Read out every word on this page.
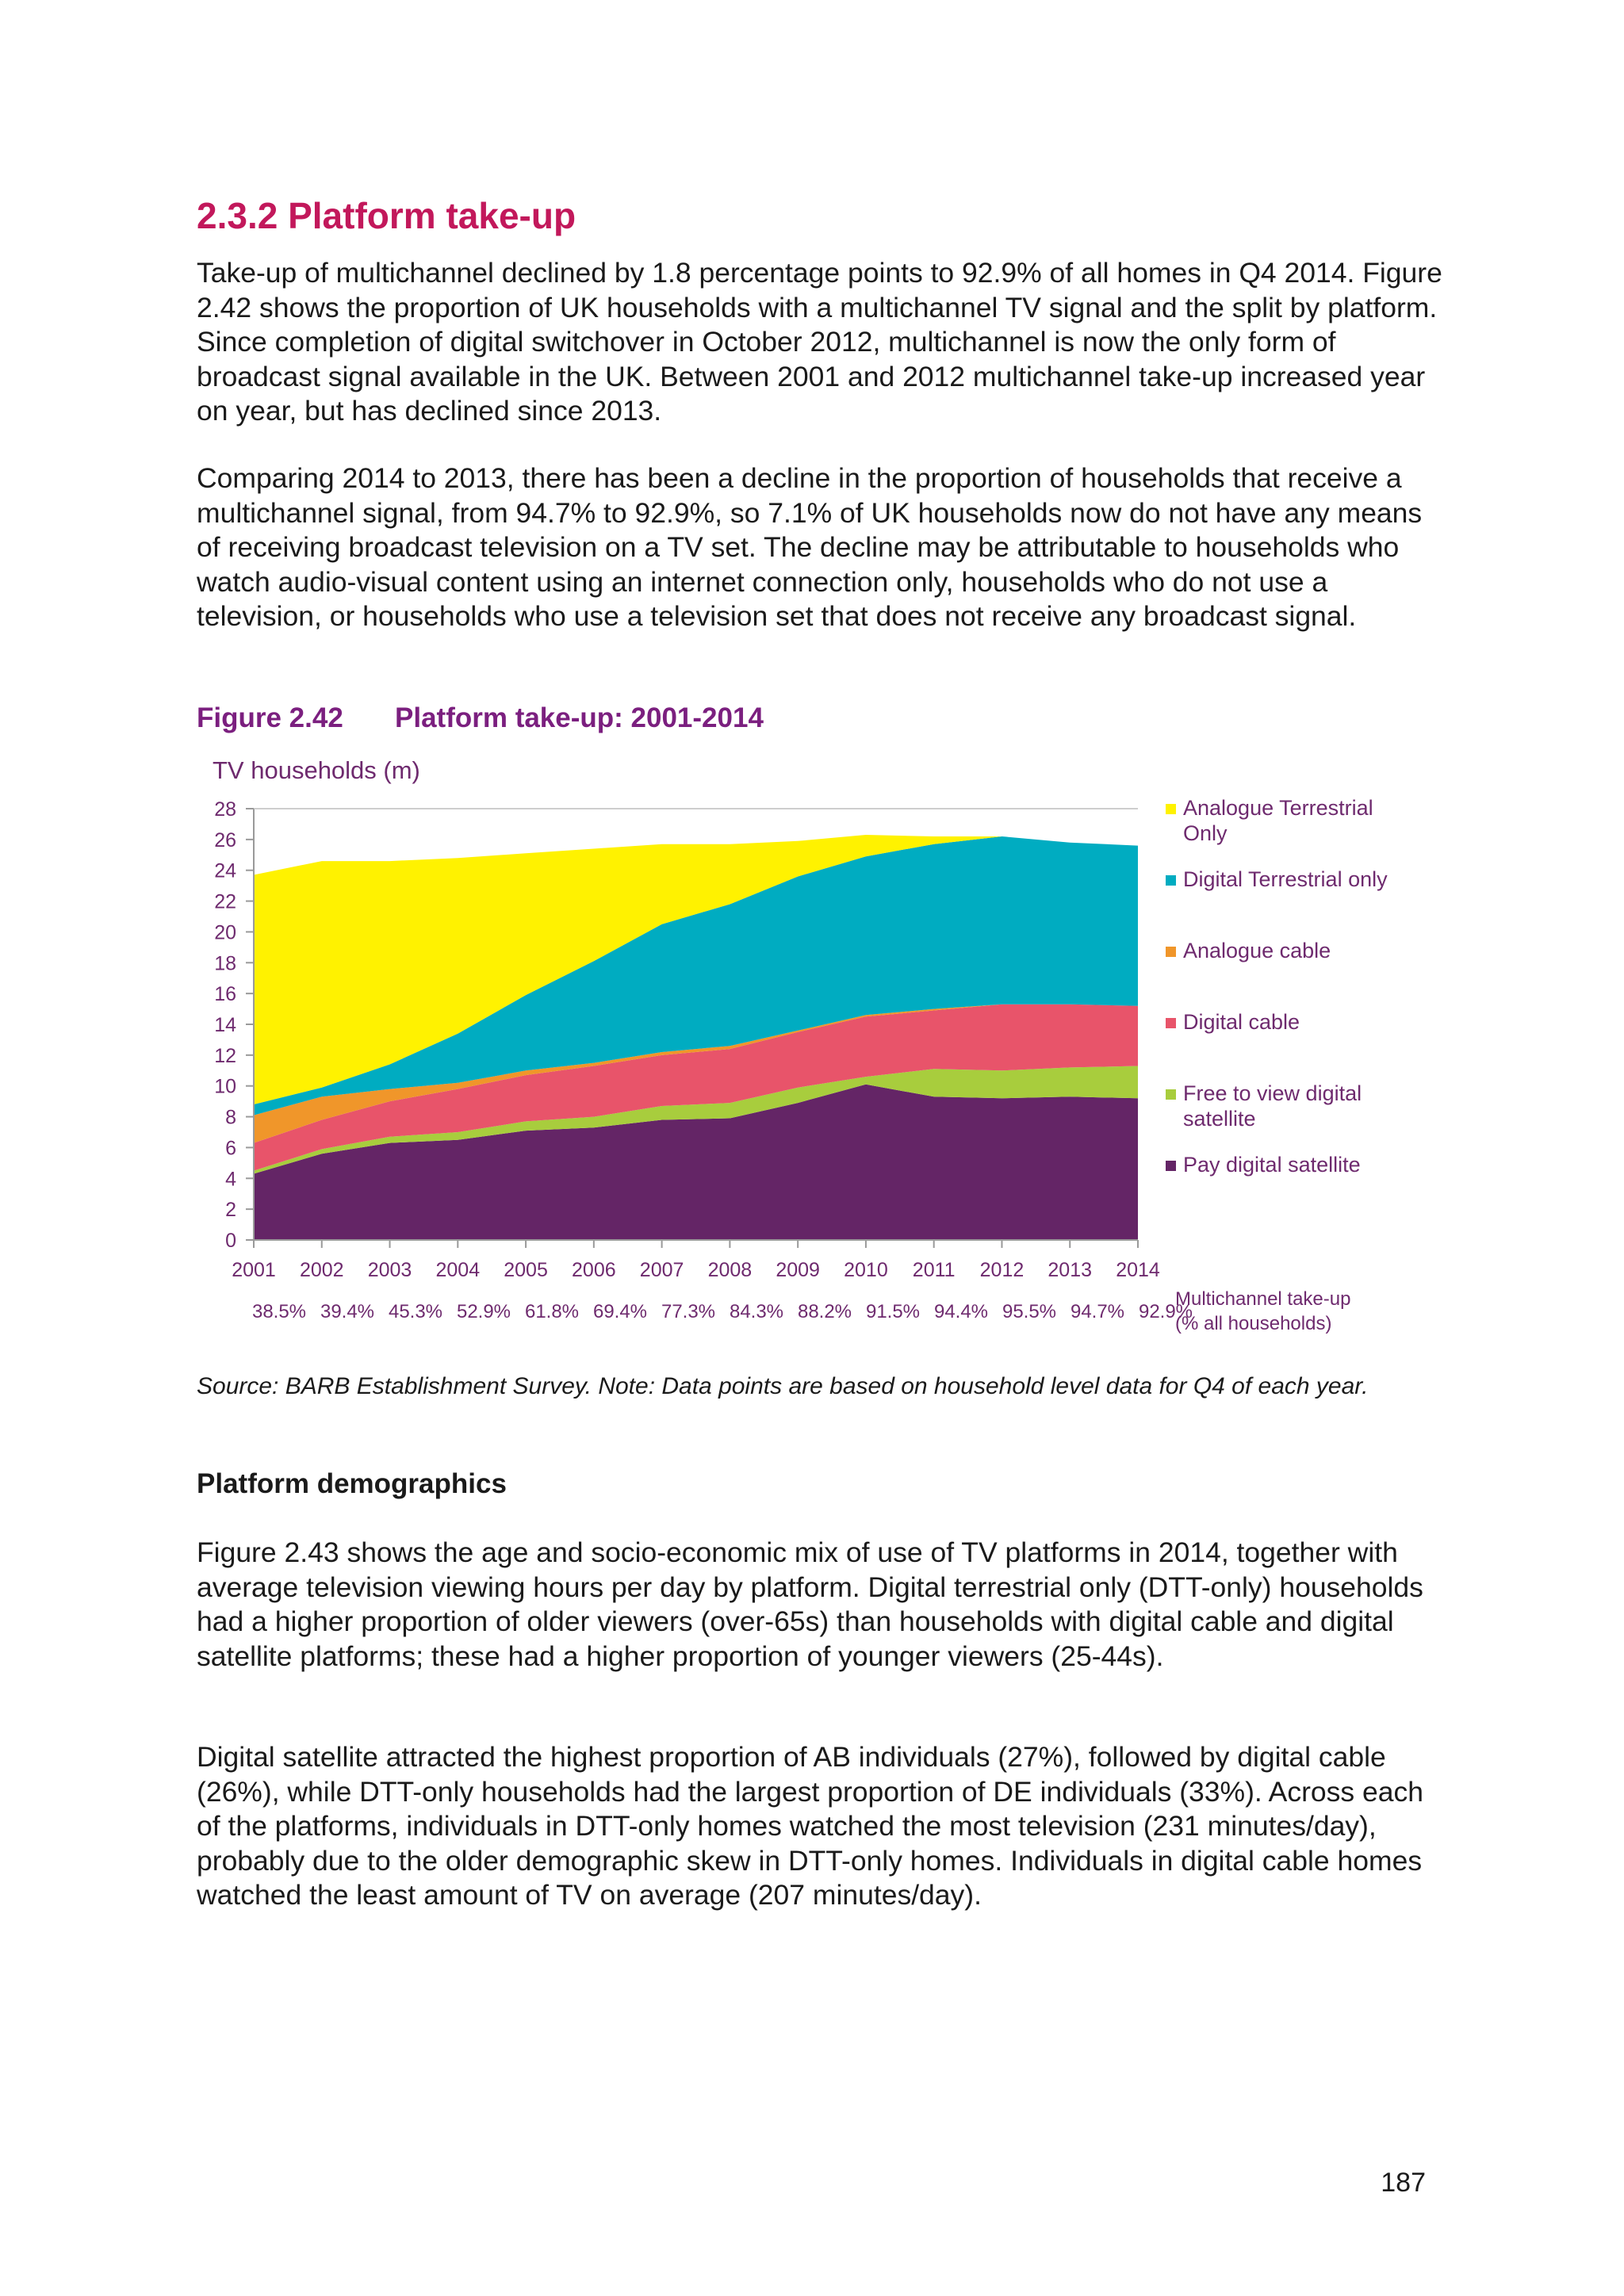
2.3.2 Platform take-up

Take-up of multichannel declined by 1.8 percentage points to 92.9% of all homes in Q4 2014. Figure 2.42 shows the proportion of UK households with a multichannel TV signal and the split by platform. Since completion of digital switchover in October 2012, multichannel is now the only form of broadcast signal available in the UK. Between 2001 and 2012 multichannel take-up increased year on year, but has declined since 2013.

Comparing 2014 to 2013, there has been a decline in the proportion of households that receive a multichannel signal, from 94.7% to 92.9%, so 7.1% of UK households now do not have any means of receiving broadcast television on a TV set. The decline may be attributable to households who watch audio-visual content using an internet connection only, households who do not use a television, or households who use a television set that does not receive any broadcast signal.

Figure 2.42 Platform take-up: 2001-2014
0
2
4
6
8
10
12
14
16
18
20
22
24
26
28
2001 2002 2003 2004 2005 2006 2007 2008 2009 2010 2011 2012 2013 2014
TV households (m)
Analogue Terrestrial
Only
Digital Terrestrial only
Analogue cable
Digital cable
Free to view digital
satellite
Pay digital satellite
38.5% 39.4% 45.3% 52.9% 61.8% 69.4% 77.3% 84.3% 88.2% 91.5% 94.4% 95.5% 94.7% 92.9%
Multichannel take-up
(% all households)

Source: BARB Establishment Survey. Note: Data points are based on household level data for Q4 of each year.

Platform demographics

Figure 2.43 shows the age and socio-economic mix of use of TV platforms in 2014, together with average television viewing hours per day by platform. Digital terrestrial only (DTT-only) households had a higher proportion of older viewers (over-65s) than households with digital cable and digital satellite platforms; these had a higher proportion of younger viewers (25-44s).

Digital satellite attracted the highest proportion of AB individuals (27%), followed by digital cable (26%), while DTT-only households had the largest proportion of DE individuals (33%). Across each of the platforms, individuals in DTT-only homes watched the most television (231 minutes/day), probably due to the older demographic skew in DTT-only homes. Individuals in digital cable homes watched the least amount of TV on average (207 minutes/day).

187
